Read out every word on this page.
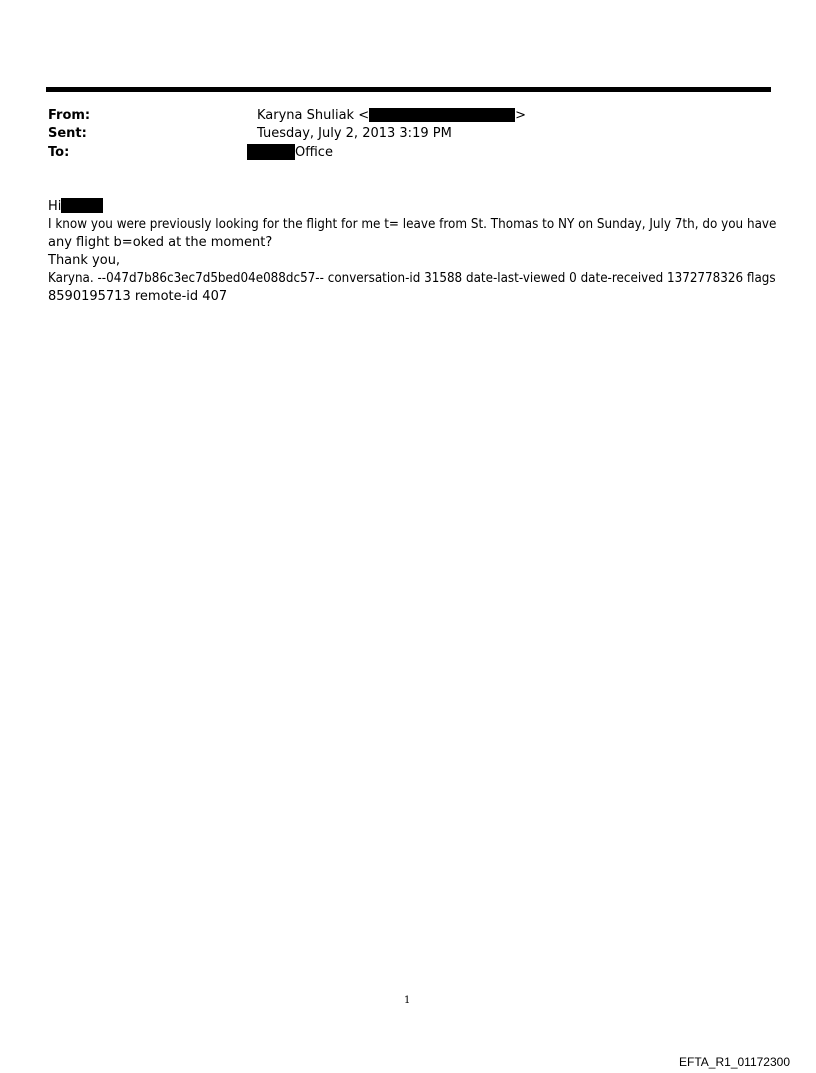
From:	Karyna Shuliak <	>
Sent:	Tuesday, July 2, 2013 3:19 PM
To:	Office
Hi
I know you were previously looking for the flight for me t= leave from St. Thomas to NY on Sunday, July 7th, do you have
any flight b=oked at the moment?
Thank you,
Karyna. --047d7b86c3ec7d5bed04e088dc57-- conversation-id 31588 date-last-viewed 0 date-received 1372778326 flags
8590195713 remote-id 407
1
EFTA_R1_01172300
